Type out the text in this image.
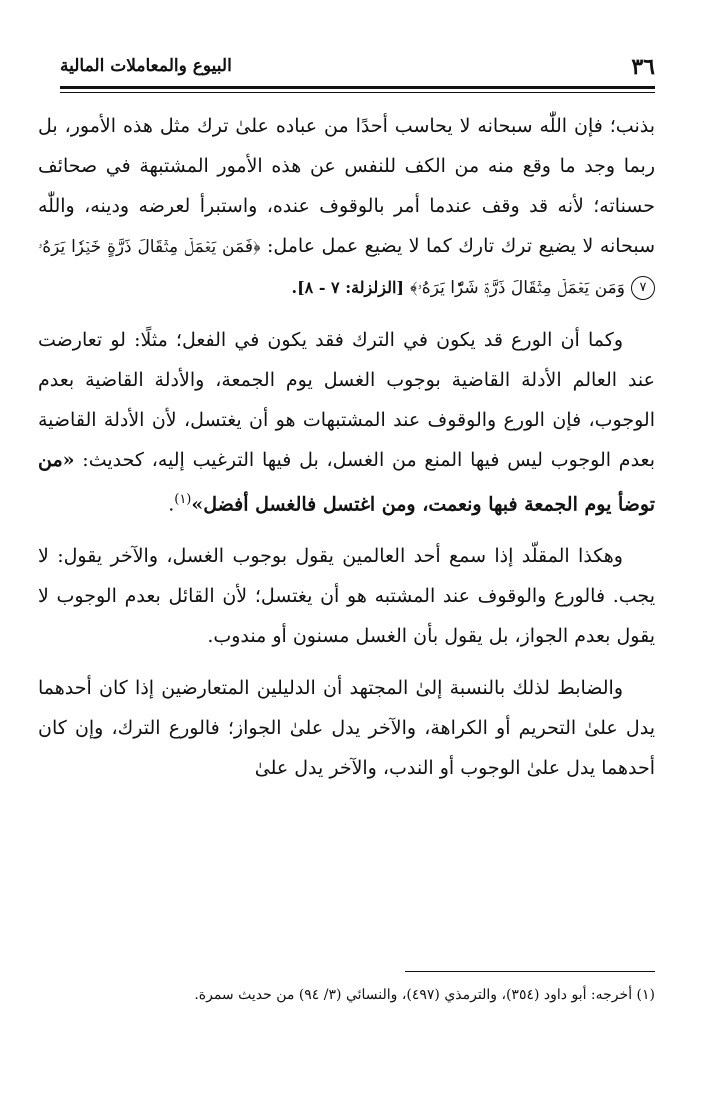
٣٦
البيوع والمعاملات المالية

بذنب؛ فإن اللّٰه سبحانه لا يحاسب أحدًا من عباده علىٰ ترك مثل هذه الأمور، بل ربما وجد ما وقع منه من الكف للنفس عن هذه الأمور المشتبهة في صحائف حسناته؛ لأنه قد وقف عندما أمر بالوقوف عنده، واستبرأ لعرضه ودينه، واللّٰه سبحانه لا يضيع ترك تارك كما لا يضيع عمل عامل: ﴿فَمَن يَعۡمَلۡ مِثۡقَالَ ذَرَّةٍ خَيۡرٗا يَرَهُۥ ٧ وَمَن يَعۡمَلۡ مِثۡقَالَ ذَرَّةٖ شَرّٗا يَرَهُۥ﴾ [الزلزلة: ٧ - ٨].

وكما أن الورع قد يكون في الترك فقد يكون في الفعل؛ مثلًا: لو تعارضت عند العالم الأدلة القاضية بوجوب الغسل يوم الجمعة، والأدلة القاضية بعدم الوجوب، فإن الورع والوقوف عند المشتبهات هو أن يغتسل، لأن الأدلة القاضية بعدم الوجوب ليس فيها المنع من الغسل، بل فيها الترغيب إليه، كحديث: «من توضأ يوم الجمعة فبها ونعمت، ومن اغتسل فالغسل أفضل»$^{(١)}$.

وهكذا المقلّد إذا سمع أحد العالمين يقول بوجوب الغسل، والآخر يقول: لا يجب. فالورع والوقوف عند المشتبه هو أن يغتسل؛ لأن القائل بعدم الوجوب لا يقول بعدم الجواز، بل يقول بأن الغسل مسنون أو مندوب.

والضابط لذلك بالنسبة إلىٰ المجتهد أن الدليلين المتعارضين إذا كان أحدهما يدل علىٰ التحريم أو الكراهة، والآخر يدل علىٰ الجواز؛ فالورع الترك، وإن كان أحدهما يدل علىٰ الوجوب أو الندب، والآخر يدل علىٰ

(١) أخرجه: أبو داود (٣٥٤)، والترمذي (٤٩٧)، والنسائي (٣/ ٩٤) من حديث سمرة.
